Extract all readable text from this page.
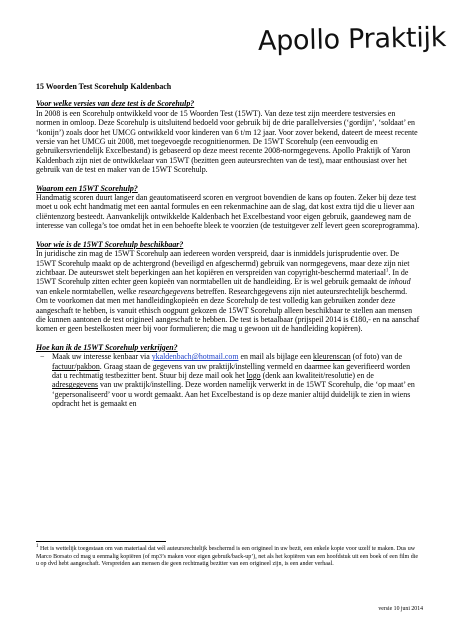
Apollo Praktijk

15 Woorden Test Scorehulp Kaldenbach

Voor welke versies van deze test is de Scorehulp?

In 2008 is een Scorehulp ontwikkeld voor de 15 Woorden Test (15WT). Van deze test zijn meerdere testversies en normen in omloop. Deze Scorehulp is uitsluitend bedoeld voor gebruik bij de drie parallelversies (‘gordijn’, ‘soldaat’ en ‘konijn’) zoals door het UMCG ontwikkeld voor kinderen van 6 t/m 12 jaar. Voor zover bekend, dateert de meest recente versie van het UMCG uit 2008, met toegevoegde recognitienormen. De 15WT Scorehulp (een eenvoudig en gebruikersvriendelijk Excelbestand) is gebaseerd op deze meest recente 2008-normgegevens. Apollo Praktijk of Yaron Kaldenbach zijn niet de ontwikkelaar van 15WT (bezitten geen auteursrechten van de test), maar enthousiast over het gebruik van de test en maker van de 15WT Scorehulp.

Waarom een 15WT Scorehulp?

Handmatig scoren duurt langer dan geautomatiseerd scoren en vergroot bovendien de kans op fouten. Zeker bij deze test moet u ook echt handmatig met een aantal formules en een rekenmachine aan de slag, dat kost extra tijd die u liever aan cliëntenzorg besteedt. Aanvankelijk ontwikkelde Kaldenbach het Excelbestand voor eigen gebruik, gaandeweg nam de interesse van collega’s toe omdat het in een behoefte bleek te voorzien (de testuitgever zelf levert geen scoreprogramma).

Voor wie is de 15WT Scorehulp beschikbaar?

In juridische zin mag de 15WT Scorehulp aan iedereen worden verspreid, daar is inmiddels jurisprudentie over. De 15WT Scorehulp maakt op de achtergrond (beveiligd en afgeschermd) gebruik van normgegevens, maar deze zijn niet zichtbaar. De auteurswet stelt beperkingen aan het kopiëren en verspreiden van copyright-beschermd materiaal$^1$. In de 15WT Scorehulp zitten echter geen kopieën van normtabellen uit de handleiding. Er is wel gebruik gemaakt de inhoud van enkele normtabellen, welke researchgegevens betreffen. Researchgegevens zijn niet auteursrechtelijk beschermd.

Om te voorkomen dat men met handleidingkopieën en deze Scorehulp de test volledig kan gebruiken zonder deze aangeschaft te hebben, is vanuit ethisch oogpunt gekozen de 15WT Scorehulp alleen beschikbaar te stellen aan mensen die kunnen aantonen de test origineel aangeschaft te hebben. De test is betaalbaar (prijspeil 2014 is €180,- en na aanschaf komen er geen bestelkosten meer bij voor formulieren; die mag u gewoon uit de handleiding kopiëren).

Hoe kan ik de 15WT Scorehulp verkrijgen?

− Maak uw interesse kenbaar via ykaldenbach@hotmail.com en mail als bijlage een kleurenscan (of foto) van de factuur/pakbon. Graag staan de gegevens van uw praktijk/instelling vermeld en daarmee kan geverifieerd worden dat u rechtmatig testbezitter bent. Stuur bij deze mail ook het logo (denk aan kwaliteit/resolutie) en de adresgegevens van uw praktijk/instelling. Deze worden namelijk verwerkt in de 15WT Scorehulp, die ‘op maat’ en ‘gepersonaliseerd’ voor u wordt gemaakt. Aan het Excelbestand is op deze manier altijd duidelijk te zien in wiens opdracht het is gemaakt en
$^1$ Het is wettelijk toegestaan om van materiaal dat wél auteursrechtelijk beschermd is een origineel in uw bezit, een enkele kopie voor uzelf te maken. Dus uw Marco Borsato cd mag u eenmalig kopiëren (of mp3’s maken voor eigen gebruik/back-up’), net als het kopiëren van een hoofdstuk uit een boek of een film die u op dvd hebt aangeschaft. Verspreiden aan mensen die geen rechtmatig bezitter van een origineel zijn, is een ander verhaal.
versie 10 juni 2014
